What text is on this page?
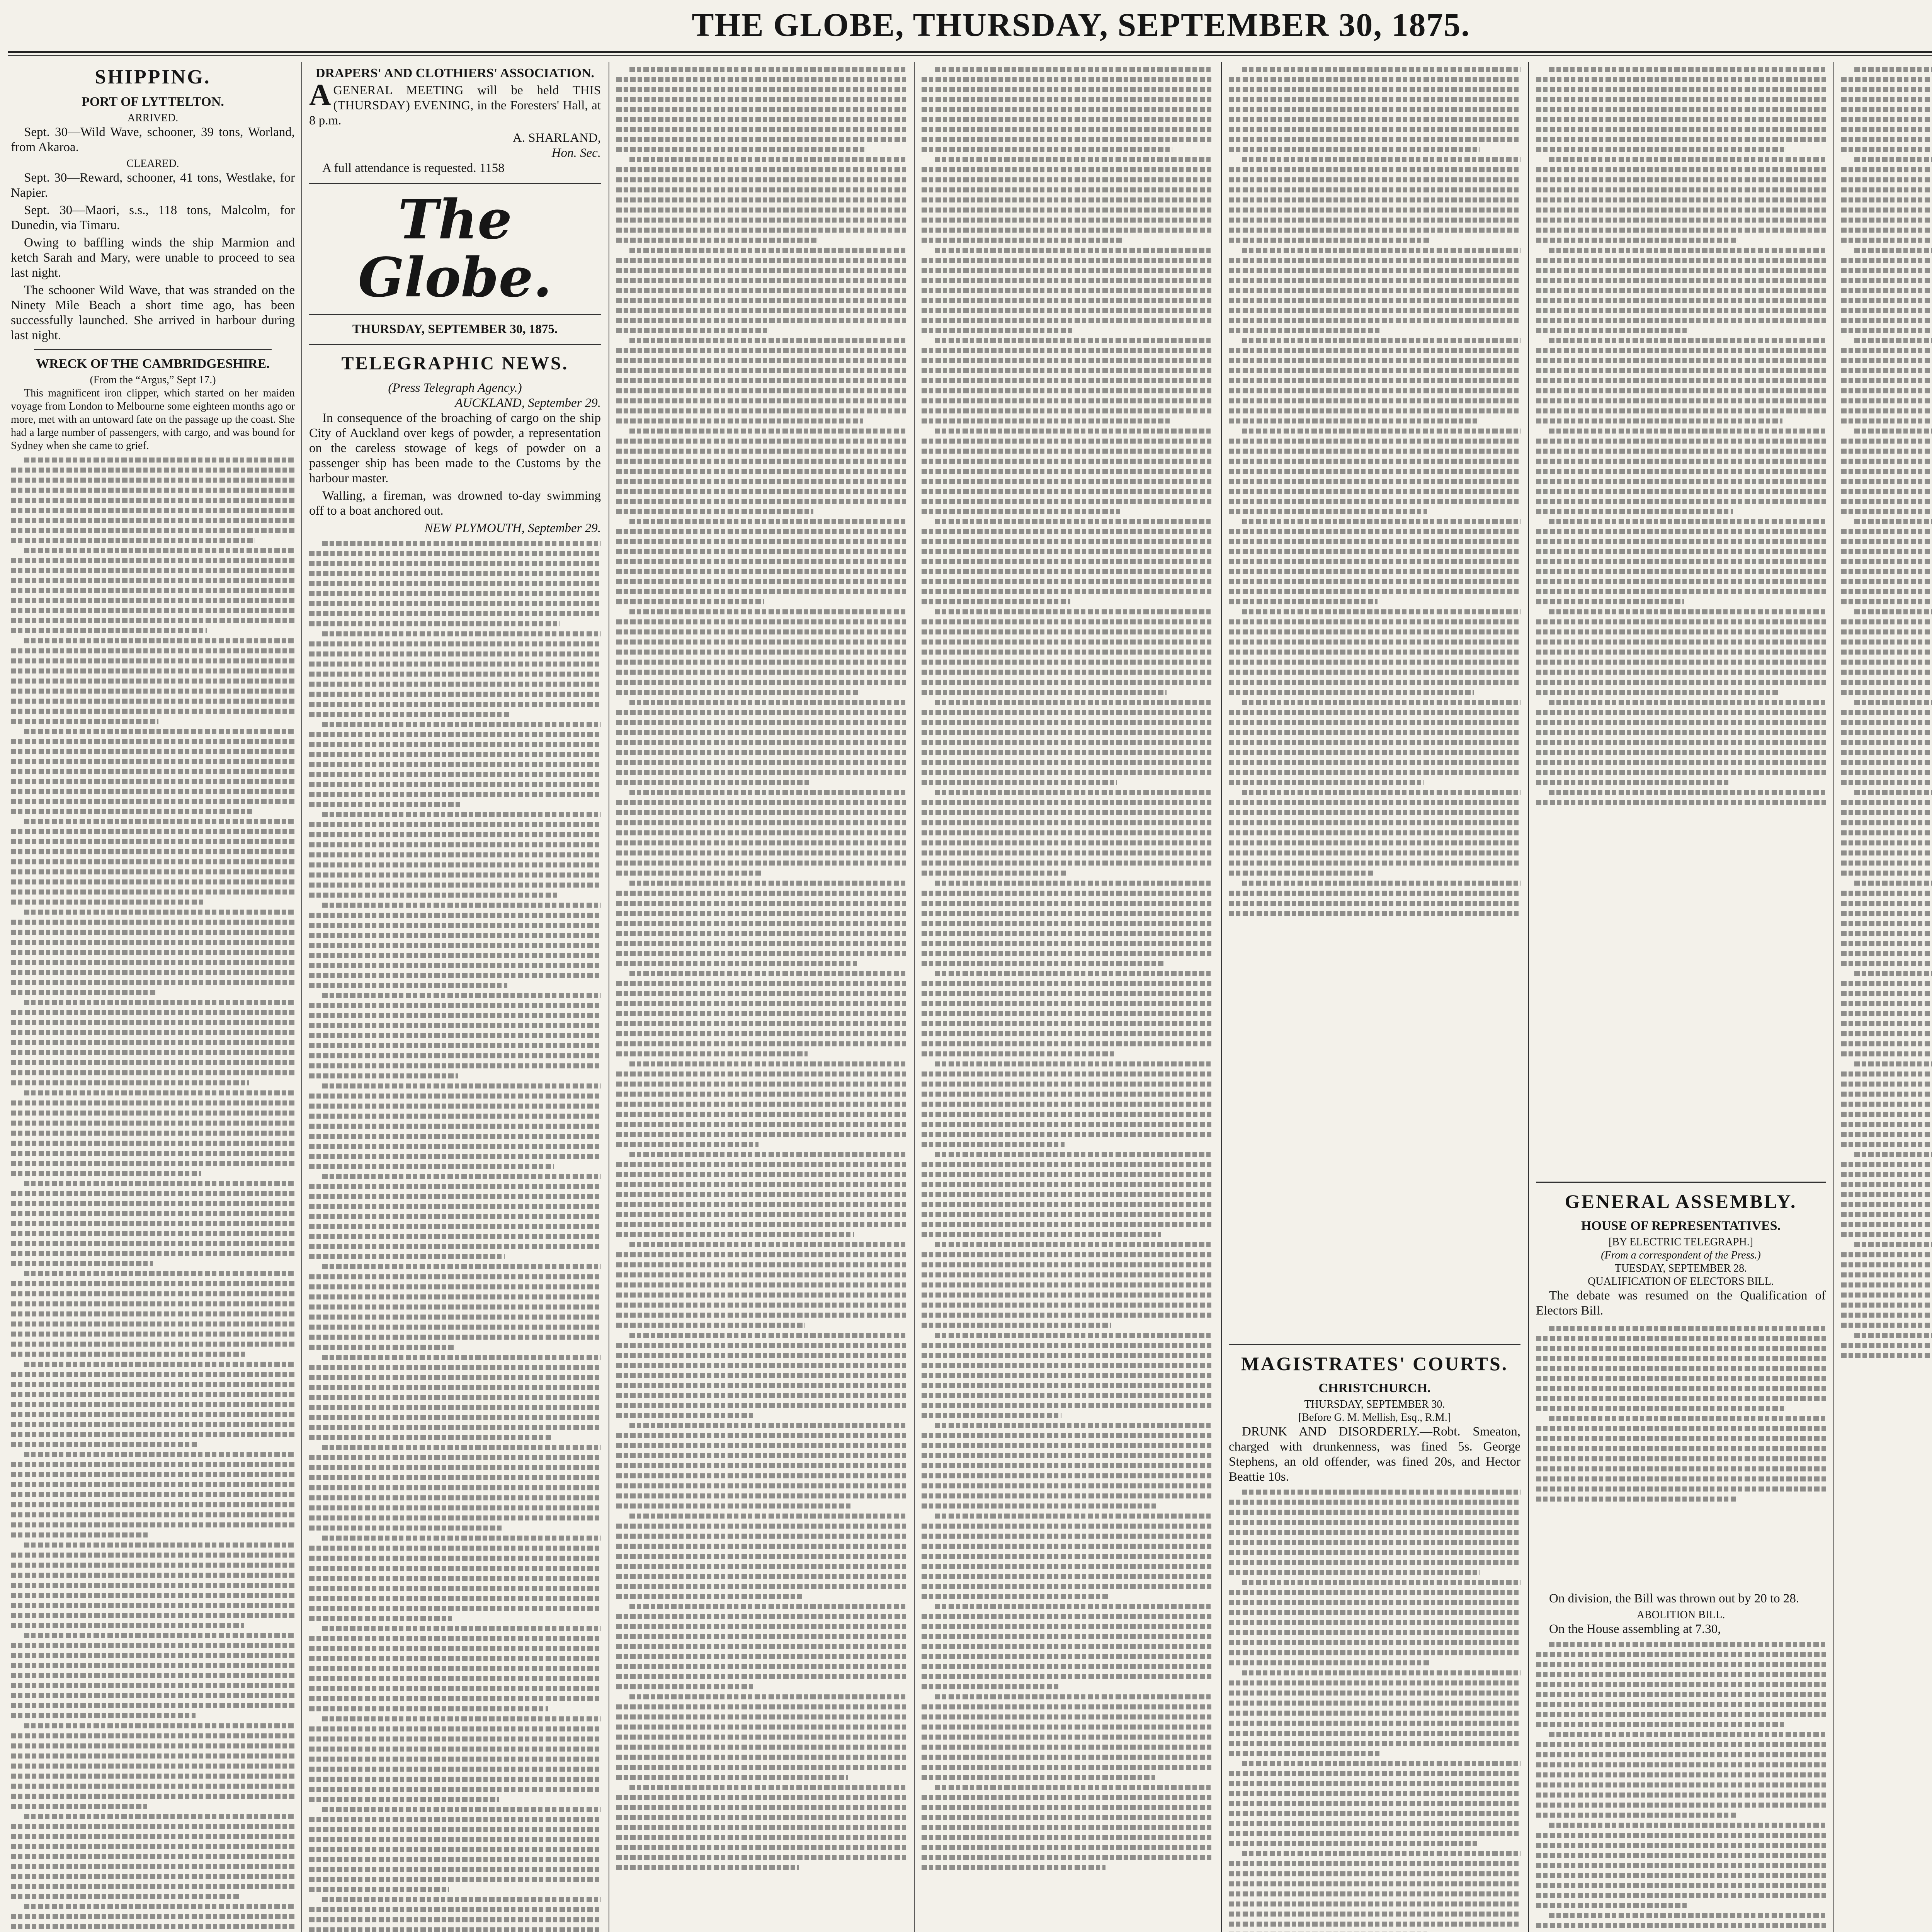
THE GLOBE, THURSDAY, SEPTEMBER 30, 1875.
SHIPPING.
PORT OF LYTTELTON.
ARRIVED.

Sept. 30—Wild Wave, schooner, 39 tons, Worland, from Akaroa.

CLEARED.

Sept. 30—Reward, schooner, 41 tons, Westlake, for Napier.

Sept. 30—Maori, s.s., 118 tons, Malcolm, for Dunedin, via Timaru.

Owing to baffling winds the ship Marmion and ketch Sarah and Mary, were unable to proceed to sea last night.

The schooner Wild Wave, that was stranded on the Ninety Mile Beach a short time ago, has been successfully launched. She arrived in harbour during last night.

WRECK OF THE CAMBRIDGESHIRE.
(From the “Argus,” Sept 17.)

This magnificent iron clipper, which started on her maiden voyage from London to Melbourne some eighteen months ago or more, met with an untoward fate on the passage up the coast. She had a large number of passengers, with cargo, and was bound for Sydney when she came to grief.

DRAPERS' AND CLOTHIERS' ASSOCIATION.

AGENERAL MEETING will be held THIS (THURSDAY) EVENING, in the Foresters' Hall, at 8 p.m.

A. SHARLAND,
Hon. Sec.

A full attendance is requested. 1158

The Globe.
THURSDAY, SEPTEMBER 30, 1875.
TELEGRAPHIC NEWS.
(Press Telegraph Agency.)
AUCKLAND, September 29.

In consequence of the broaching of cargo on the ship City of Auckland over kegs of powder, a representation on the careless stowage of kegs of powder on a passenger ship has been made to the Customs by the harbour master.

Walling, a fireman, was drowned to-day swimming off to a boat anchored out.

NEW PLYMOUTH, September 29.

MAGISTRATES' COURTS.
CHRISTCHURCH.
THURSDAY, SEPTEMBER 30.
[Before G. M. Mellish, Esq., R.M.]

DRUNK AND DISORDERLY.—Robt. Smeaton, charged with drunkenness, was fined 5s. George Stephens, an old offender, was fined 20s, and Hector Beattie 10s.

GENERAL ASSEMBLY.
HOUSE OF REPRESENTATIVES.
[BY ELECTRIC TELEGRAPH.]
(From a correspondent of the Press.)
TUESDAY, SEPTEMBER 28.
QUALIFICATION OF ELECTORS BILL.

The debate was resumed on the Qualification of Electors Bill.

On division, the Bill was thrown out by 20 to 28.

ABOLITION BILL.

On the House assembling at 7.30,
